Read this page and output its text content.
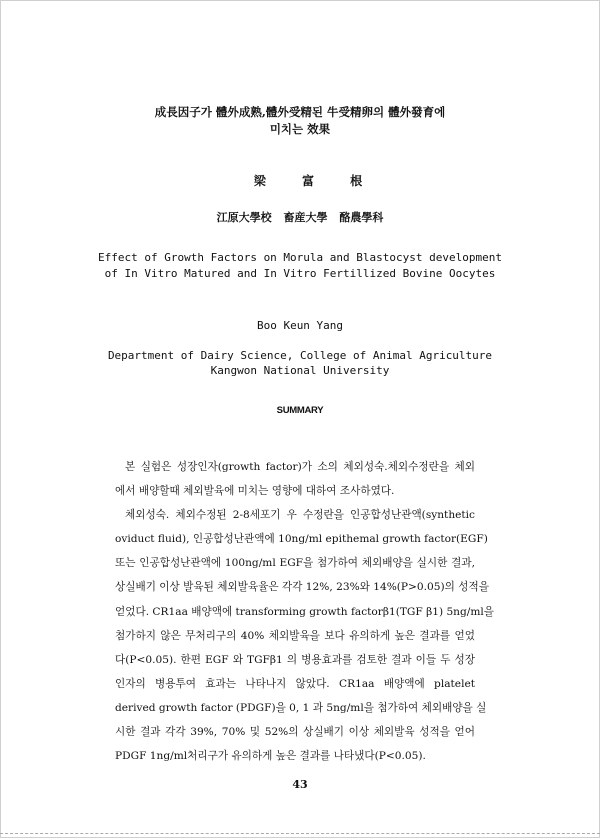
成長因子가 體外成熟,體外受精된 牛受精卵의 體外發育에
미치는 效果
梁 富 根
江原大學校 畜産大學 酪農學科
Effect of Growth Factors on Morula and Blastocyst development
of In Vitro Matured and In Vitro Fertillized Bovine Oocytes
Boo Keun Yang
Department of Dairy Science, College of Animal Agriculture
Kangwon National University
SUMMARY
본 실험은 성장인자(growth factor)가 소의 체외성숙.체외수정란을 체외
에서 배양할때 체외발육에 미치는 영향에 대하여 조사하였다.
체외성숙. 체외수정된 2-8세포기 우 수정란을 인공합성난관액(synthetic
oviduct fluid), 인공합성난관액에 10ng/ml epithemal growth factor(EGF)
또는 인공합성난관액에 100ng/ml EGF을 첨가하여 체외배양을 실시한 결과,
상실배기 이상 발육된 체외발육율은 각각 12%, 23%와 14%(P>0.05)의 성적을
얻었다. CR1aa 배양액에 transforming growth factorβ1(TGF β1) 5ng/ml을
첨가하지 않은 무처리구의 40% 체외발육을 보다 유의하게 높은 결과를 얻었
다(P<0.05). 한편 EGF 와 TGFβ1 의 병용효과를 검토한 결과 이들 두 성장
인자의 병용투여 효과는 나타나지 않았다. CR1aa 배양액에 platelet
derived growth factor (PDGF)을 0, 1 과 5ng/ml을 첨가하여 체외배양을 실
시한 결과 각각 39%, 70% 및 52%의 상실배기 이상 체외발육 성적을 얻어
PDGF 1ng/ml처리구가 유의하게 높은 결과를 나타냈다(P<0.05).
43
